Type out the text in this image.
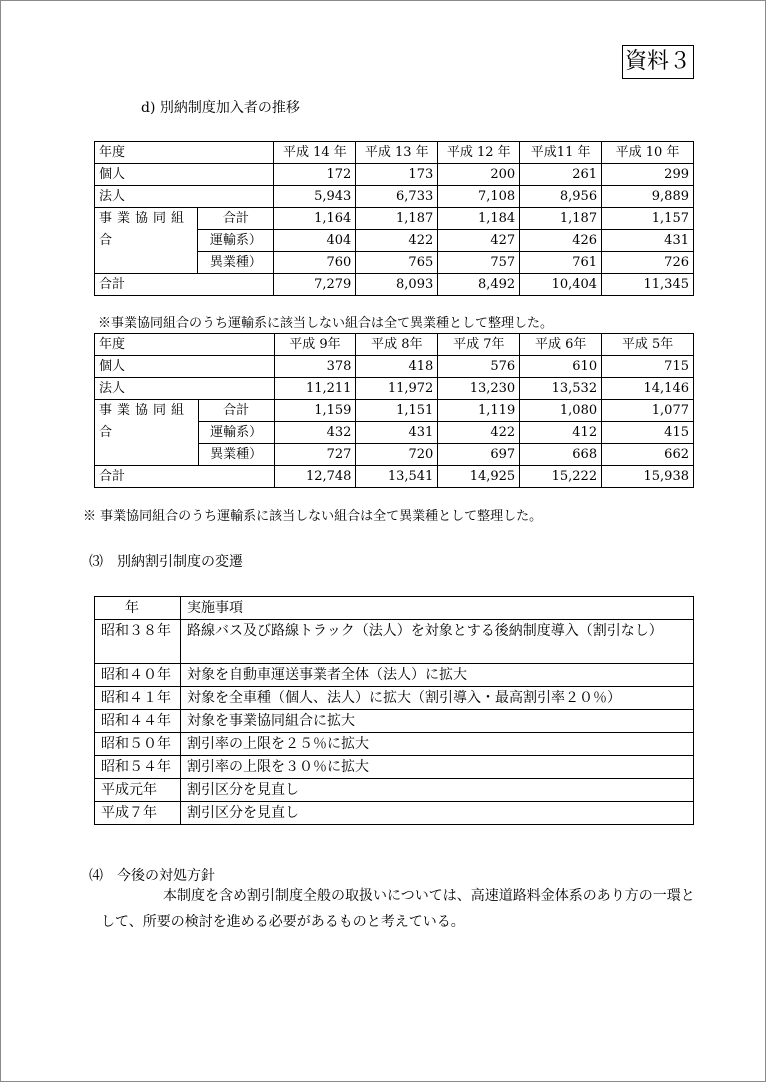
資料３
d) 別納制度加入者の推移
年度		平成 14 年	平成 13 年	平成 12 年	平成11 年	平成 10 年
個人		172	173	200	261	299
法人		5,943	6,733	7,108	8,956	9,889
事業協同組合	合計	1,164	1,187	1,184	1,187	1,157
	運輸系）	404	422	427	426	431
	異業種）	760	765	757	761	726
合計		7,279	8,093	8,492	10,404	11,345
※事業協同組合のうち運輸系に該当しない組合は全て異業種として整理した。
年度		平成 9年	平成 8年	平成 7年	平成 6年	平成 5年
個人		378	418	576	610	715
法人		11,211	11,972	13,230	13,532	14,146
事業協同組合	合計	1,159	1,151	1,119	1,080	1,077
	運輸系）	432	431	422	412	415
	異業種）	727	720	697	668	662
合計		12,748	13,541	14,925	15,222	15,938
※ 事業協同組合のうち運輸系に該当しない組合は全て異業種として整理した。
⑶　別納割引制度の変遷
年	実施事項
昭和３８年	路線バス及び路線トラック（法人）を対象とする後納制度導入（割引なし）
昭和４０年	対象を自動車運送事業者全体（法人）に拡大
昭和４１年	対象を全車種（個人、法人）に拡大（割引導入・最高割引率２０％）
昭和４４年	対象を事業協同組合に拡大
昭和５０年	割引率の上限を２５％に拡大
昭和５４年	割引率の上限を３０％に拡大
平成元年	割引区分を見直し
平成７年	割引区分を見直し
⑷　今後の対処方針
本制度を含め割引制度全般の取扱いについては、高速道路料金体系のあり方の一環として、所要の検討を進める必要があるものと考えている。
